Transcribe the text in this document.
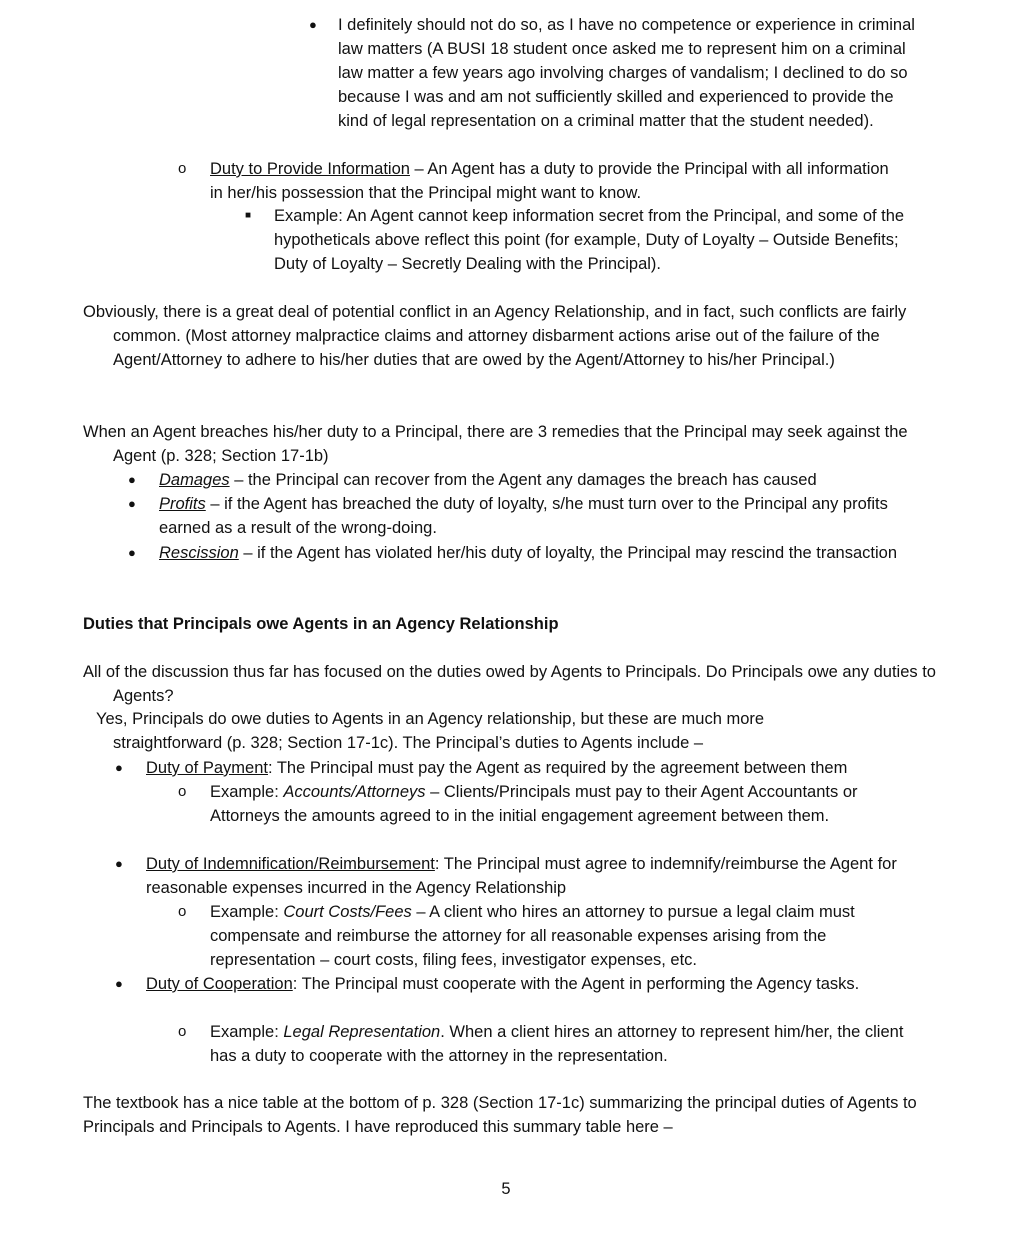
● I definitely should not do so, as I have no competence or experience in criminal law matters (A BUSI 18 student once asked me to represent him on a criminal law matter a few years ago involving charges of vandalism; I declined to do so because I was and am not sufficiently skilled and experienced to provide the kind of legal representation on a criminal matter that the student needed).

o Duty to Provide Information – An Agent has a duty to provide the Principal with all information in her/his possession that the Principal might want to know.

■ Example: An Agent cannot keep information secret from the Principal, and some of the hypotheticals above reflect this point (for example, Duty of Loyalty – Outside Benefits; Duty of Loyalty – Secretly Dealing with the Principal).

Obviously, there is a great deal of potential conflict in an Agency Relationship, and in fact, such conflicts are fairly common. (Most attorney malpractice claims and attorney disbarment actions arise out of the failure of the Agent/Attorney to adhere to his/her duties that are owed by the Agent/Attorney to his/her Principal.)

When an Agent breaches his/her duty to a Principal, there are 3 remedies that the Principal may seek against the Agent (p. 328; Section 17-1b)

● Damages – the Principal can recover from the Agent any damages the breach has caused

● Profits – if the Agent has breached the duty of loyalty, s/he must turn over to the Principal any profits earned as a result of the wrong-doing.

● Rescission – if the Agent has violated her/his duty of loyalty, the Principal may rescind the transaction

Duties that Principals owe Agents in an Agency Relationship

All of the discussion thus far has focused on the duties owed by Agents to Principals. Do Principals owe any duties to Agents?

Yes, Principals do owe duties to Agents in an Agency relationship, but these are much more straightforward (p. 328; Section 17-1c). The Principal’s duties to Agents include –

● Duty of Payment: The Principal must pay the Agent as required by the agreement between them

o Example: Accounts/Attorneys – Clients/Principals must pay to their Agent Accountants or Attorneys the amounts agreed to in the initial engagement agreement between them.

● Duty of Indemnification/Reimbursement: The Principal must agree to indemnify/reimburse the Agent for reasonable expenses incurred in the Agency Relationship

o Example: Court Costs/Fees – A client who hires an attorney to pursue a legal claim must compensate and reimburse the attorney for all reasonable expenses arising from the representation – court costs, filing fees, investigator expenses, etc.

● Duty of Cooperation: The Principal must cooperate with the Agent in performing the Agency tasks.

o Example: Legal Representation. When a client hires an attorney to represent him/her, the client has a duty to cooperate with the attorney in the representation.

The textbook has a nice table at the bottom of p. 328 (Section 17-1c) summarizing the principal duties of Agents to Principals and Principals to Agents. I have reproduced this summary table here –

5
